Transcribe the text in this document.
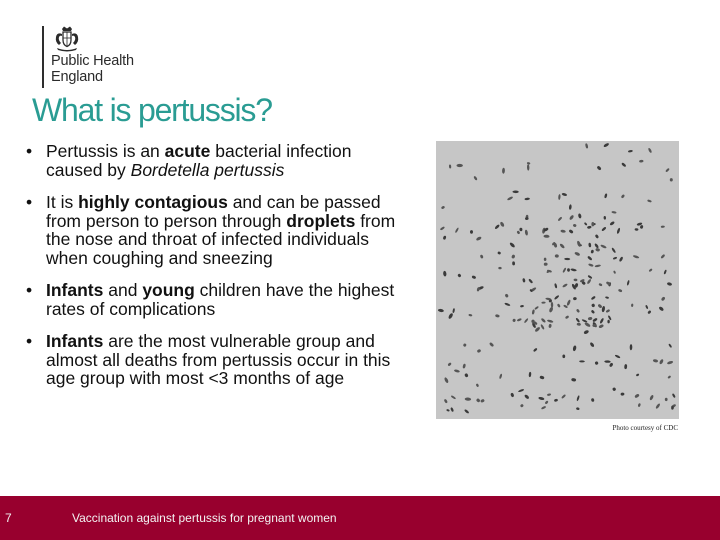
Public Health
England
What is pertussis?
• Pertussis is an acute bacterial infection caused by Bordetella pertussis
• It is highly contagious and can be passed from person to person through droplets from the nose and throat of infected individuals when coughing and sneezing
• Infants and young children have the highest rates of complications
• Infants are the most vulnerable group and almost all deaths from pertussis occur in this age group with most <3 months of age
Photo courtesy of CDC
7	Vaccination against pertussis for pregnant women
